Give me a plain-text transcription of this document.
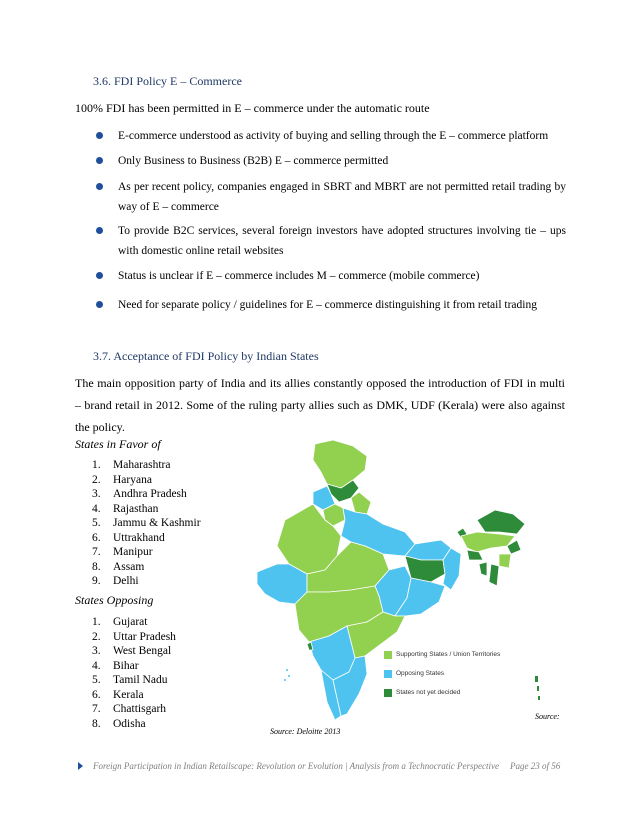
3.6. FDI Policy E – Commerce
100% FDI has been permitted in E – commerce under the automatic route
E-commerce understood as activity of buying and selling through the E – commerce platform
Only Business to Business (B2B) E – commerce permitted
As per recent policy, companies engaged in SBRT and MBRT are not permitted retail trading by way of E – commerce
To provide B2C services, several foreign investors have adopted structures involving tie – ups with domestic online retail websites
Status is unclear if E – commerce includes M – commerce (mobile commerce)
Need for separate policy / guidelines for E – commerce distinguishing it from retail trading
3.7. Acceptance of FDI Policy by Indian States
The main opposition party of India and its allies constantly opposed the introduction of FDI in multi – brand retail in 2012. Some of the ruling party allies such as DMK, UDF (Kerala) were also against the policy.
States in Favor of
1. Maharashtra
2. Haryana
3. Andhra Pradesh
4. Rajasthan
5. Jammu & Kashmir
6. Uttrakhand
7. Manipur
8. Assam
9. Delhi
States Opposing
1. Gujarat
2. Uttar Pradesh
3. West Bengal
4. Bihar
5. Tamil Nadu
6. Kerala
7. Chattisgarh
8. Odisha
Supporting States / Union Territories
Opposing States
States not yet decided
Source:
Source: Deloitte 2013
Foreign Participation in Indian Retailscape: Revolution or Evolution | Analysis from a Technocratic Perspective Page 23 of 56
